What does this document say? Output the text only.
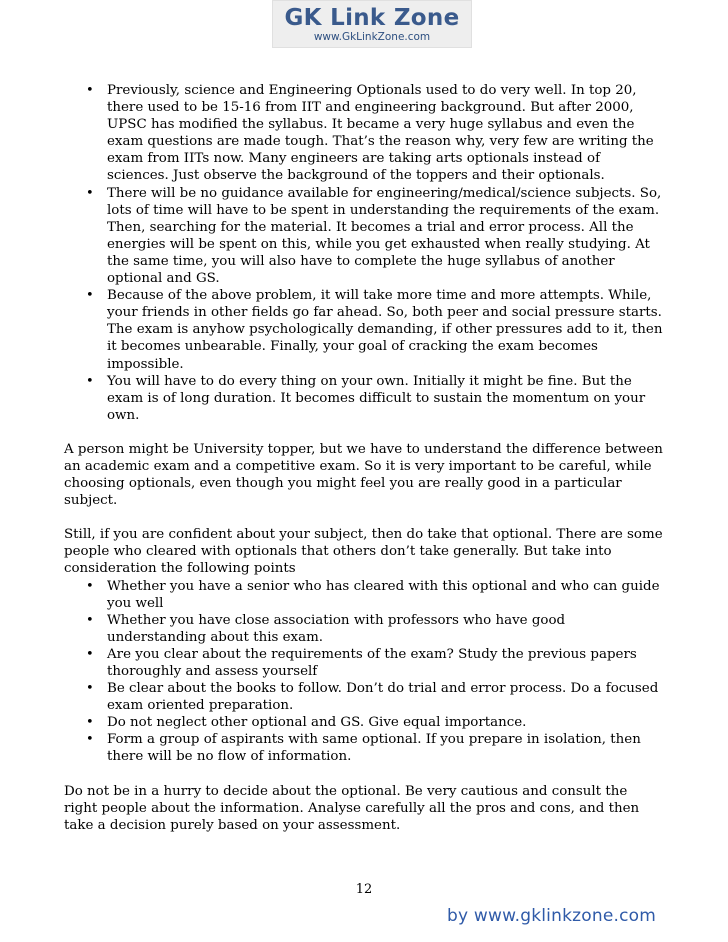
GK Link Zone
www.GkLinkZone.com
• Previously, science and Engineering Optionals used to do very well. In top 20, there used to be 15-16 from IIT and engineering background. But after 2000, UPSC has modified the syllabus. It became a very huge syllabus and even the exam questions are made tough. That’s the reason why, very few are writing the exam from IITs now. Many engineers are taking arts optionals instead of sciences. Just observe the background of the toppers and their optionals.
• There will be no guidance available for engineering/medical/science subjects. So, lots of time will have to be spent in understanding the requirements of the exam. Then, searching for the material. It becomes a trial and error process. All the energies will be spent on this, while you get exhausted when really studying. At the same time, you will also have to complete the huge syllabus of another optional and GS.
• Because of the above problem, it will take more time and more attempts. While, your friends in other fields go far ahead. So, both peer and social pressure starts. The exam is anyhow psychologically demanding, if other pressures add to it, then it becomes unbearable. Finally, your goal of cracking the exam becomes impossible.
• You will have to do every thing on your own. Initially it might be fine. But the exam is of long duration. It becomes difficult to sustain the momentum on your own.

A person might be University topper, but we have to understand the difference between an academic exam and a competitive exam. So it is very important to be careful, while choosing optionals, even though you might feel you are really good in a particular subject.

Still, if you are confident about your subject, then do take that optional. There are some people who cleared with optionals that others don’t take generally. But take into consideration the following points

• Whether you have a senior who has cleared with this optional and who can guide you well
• Whether you have close association with professors who have good understanding about this exam.
• Are you clear about the requirements of the exam? Study the previous papers thoroughly and assess yourself
• Be clear about the books to follow. Don’t do trial and error process. Do a focused exam oriented preparation.
• Do not neglect other optional and GS. Give equal importance.
• Form a group of aspirants with same optional. If you prepare in isolation, then there will be no flow of information.

Do not be in a hurry to decide about the optional. Be very cautious and consult the right people about the information. Analyse carefully all the pros and cons, and then take a decision purely based on your assessment.

12
by www.gklinkzone.com
